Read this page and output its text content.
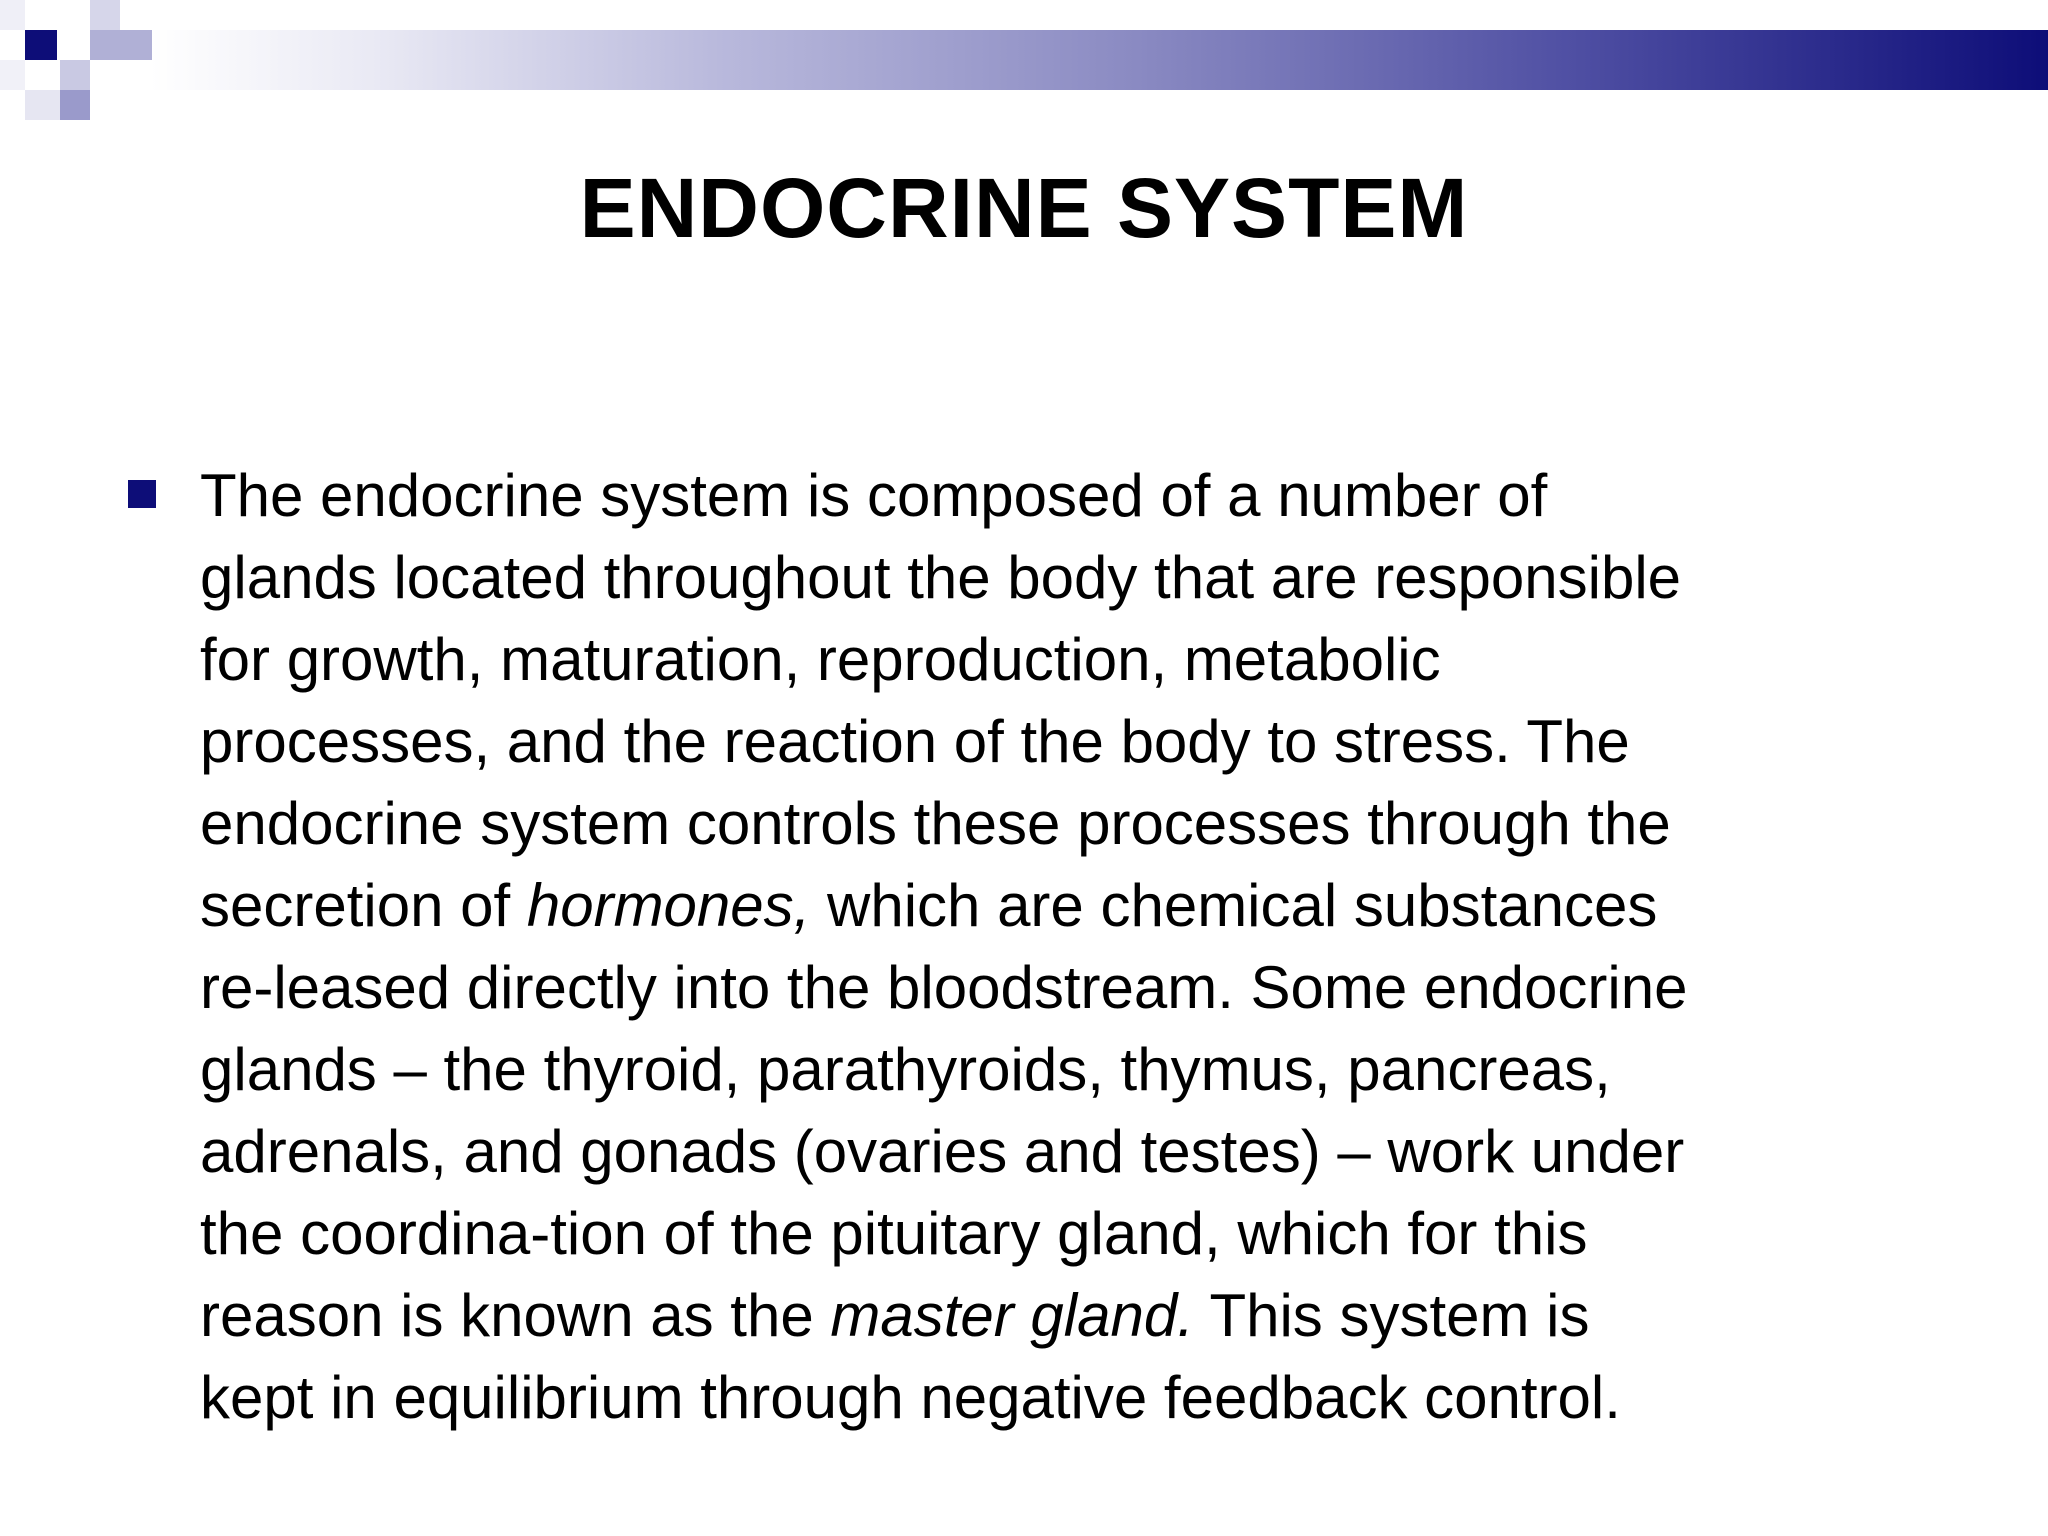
ENDOCRINE SYSTEM
The endocrine system is composed of a number of
glands located throughout the body that are responsible
for growth, maturation, reproduction, metabolic
processes, and the reaction of the body to stress. The
endocrine system controls these processes through the
secretion of hormones, which are chemical substances
re-leased directly into the bloodstream. Some endocrine
glands – the thyroid, parathyroids, thymus, pancreas,
adrenals, and gonads (ovaries and testes) – work under
the coordina-tion of the pituitary gland, which for this
reason is known as the master gland. This system is
kept in equilibrium through negative feedback control.
